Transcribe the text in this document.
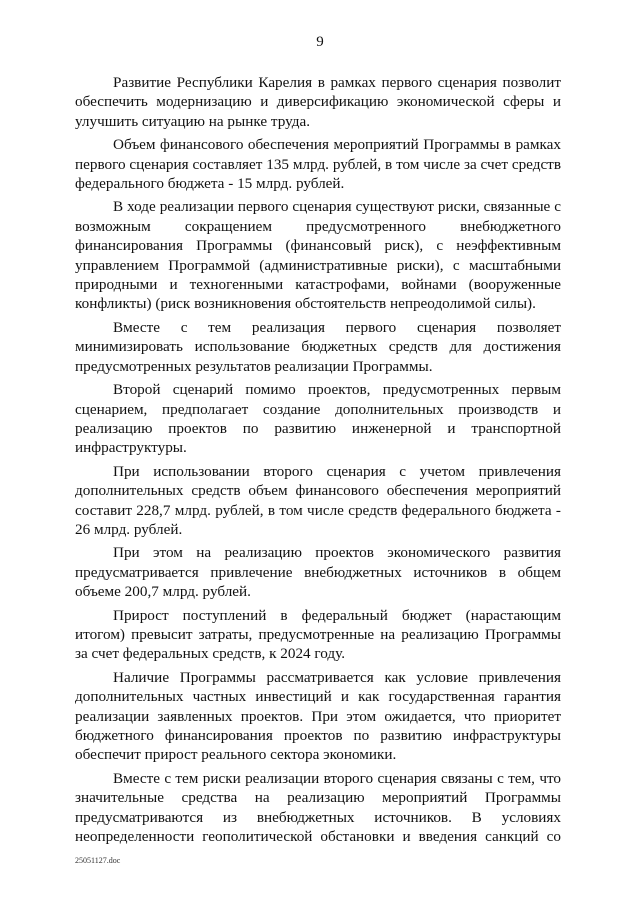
9

Развитие Республики Карелия в рамках первого сценария позволит обеспечить модернизацию и диверсификацию экономической сферы и улучшить ситуацию на рынке труда.

Объем финансового обеспечения мероприятий Программы в рамках первого сценария составляет 135 млрд. рублей, в том числе за счет средств федерального бюджета - 15 млрд. рублей.

В ходе реализации первого сценария существуют риски, связанные с возможным сокращением предусмотренного внебюджетного финансирования Программы (финансовый риск), с неэффективным управлением Программой (административные риски), с масштабными природными и техногенными катастрофами, войнами (вооруженные конфликты) (риск возникновения обстоятельств непреодолимой силы).

Вместе с тем реализация первого сценария позволяет минимизировать использование бюджетных средств для достижения предусмотренных результатов реализации Программы.

Второй сценарий помимо проектов, предусмотренных первым сценарием, предполагает создание дополнительных производств и реализацию проектов по развитию инженерной и транспортной инфраструктуры.

При использовании второго сценария с учетом привлечения дополнительных средств объем финансового обеспечения мероприятий составит 228,7 млрд. рублей, в том числе средств федерального бюджета - 26 млрд. рублей.

При этом на реализацию проектов экономического развития предусматривается привлечение внебюджетных источников в общем объеме 200,7 млрд. рублей.

Прирост поступлений в федеральный бюджет (нарастающим итогом) превысит затраты, предусмотренные на реализацию Программы за счет федеральных средств, к 2024 году.

Наличие Программы рассматривается как условие привлечения дополнительных частных инвестиций и как государственная гарантия реализации заявленных проектов. При этом ожидается, что приоритет бюджетного финансирования проектов по развитию инфраструктуры обеспечит прирост реального сектора экономики.

Вместе с тем риски реализации второго сценария связаны с тем, что значительные средства на реализацию мероприятий Программы предусматриваются из внебюджетных источников. В условиях неопределенности геополитической обстановки и введения санкций со

25051127.doc
